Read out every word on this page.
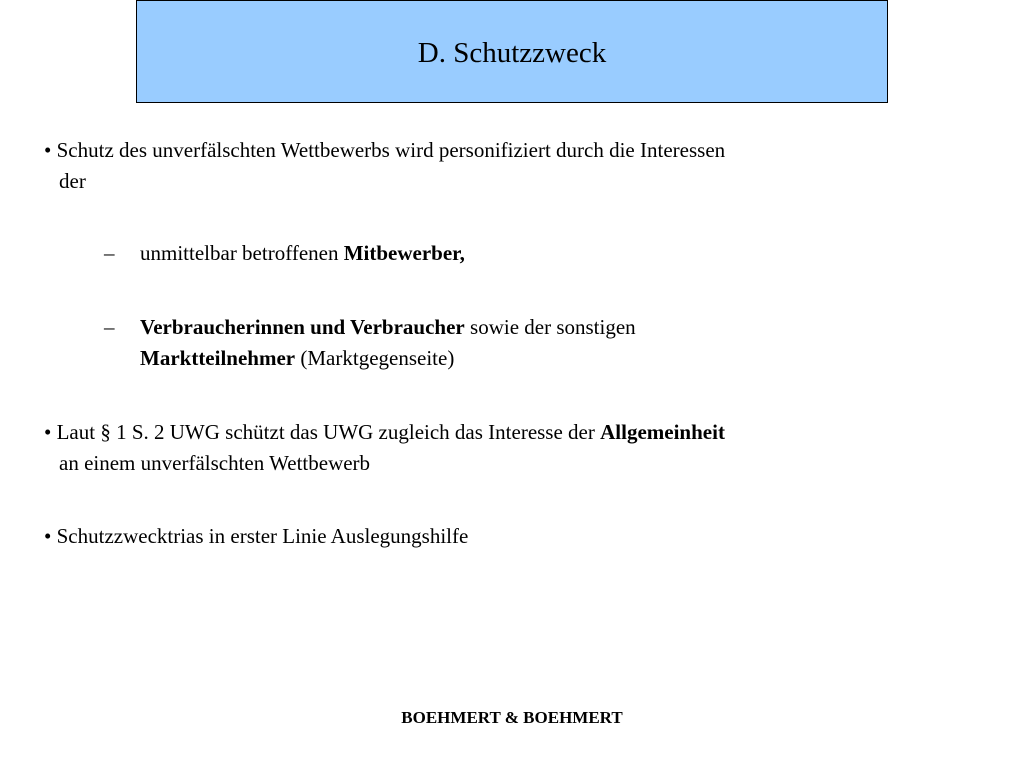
D. Schutzzweck
• Schutz des unverfälschten Wettbewerbs wird personifiziert durch die Interessen
der
– unmittelbar betroffenen Mitbewerber,
– Verbraucherinnen und Verbraucher sowie der sonstigen
Marktteilnehmer (Marktgegenseite)
• Laut § 1 S. 2 UWG schützt das UWG zugleich das Interesse der Allgemeinheit
an einem unverfälschten Wettbewerb
• Schutzzwecktrias in erster Linie Auslegungshilfe
BOEHMERT & BOEHMERT
